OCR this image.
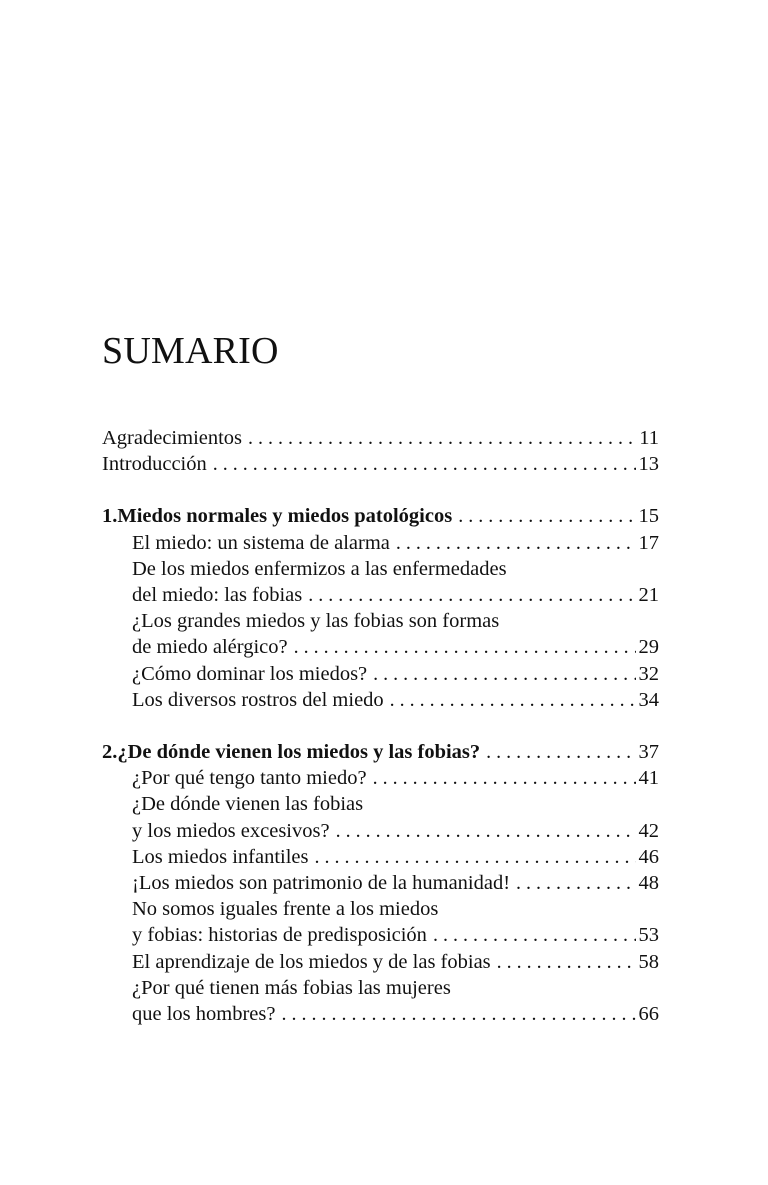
SUMARIO
Agradecimientos . . .	11
Introducción . . .	13
1. Miedos normales y miedos patológicos . . .	15
El miedo: un sistema de alarma . . .	17
De los miedos enfermizos a las enfermedades
del miedo: las fobias . . .	21
¿Los grandes miedos y las fobias son formas
de miedo alérgico? . . .	29
¿Cómo dominar los miedos? . . .	32
Los diversos rostros del miedo . . .	34
2. ¿De dónde vienen los miedos y las fobias? . . .	37
¿Por qué tengo tanto miedo? . . .	41
¿De dónde vienen las fobias
y los miedos excesivos? . . .	42
Los miedos infantiles . . .	46
¡Los miedos son patrimonio de la humanidad! . . .	48
No somos iguales frente a los miedos
y fobias: historias de predisposición . . .	53
El aprendizaje de los miedos y de las fobias . . .	58
¿Por qué tienen más fobias las mujeres
que los hombres? . . .	66
